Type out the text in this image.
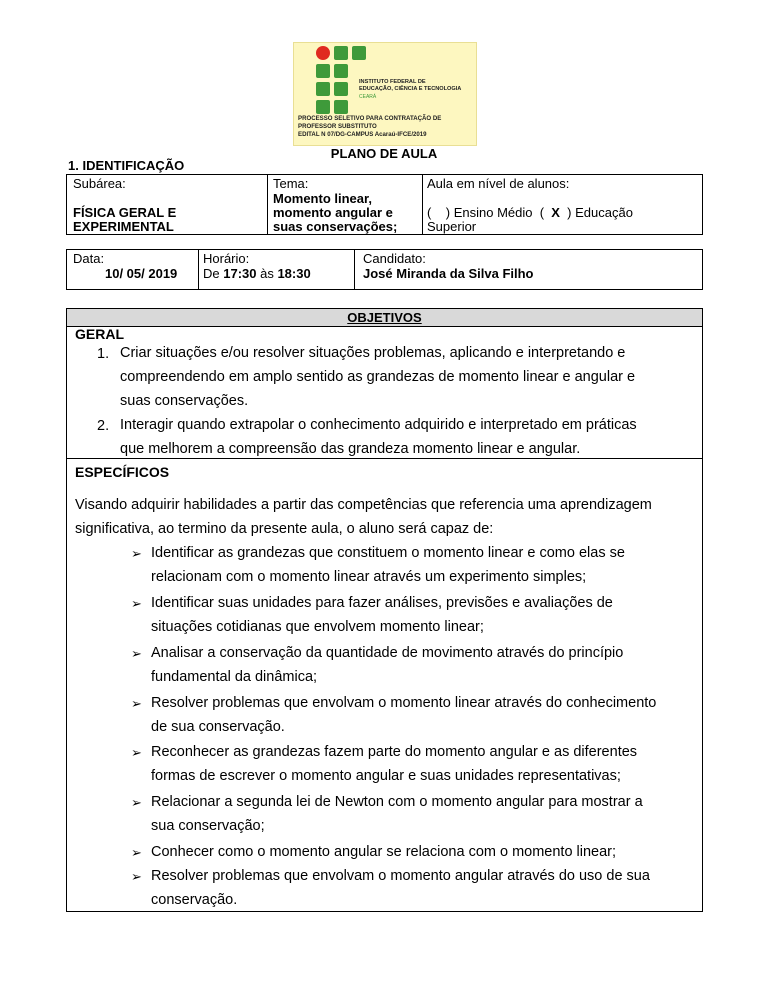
INSTITUTO FEDERAL DE
EDUCAÇÃO, CIÊNCIA E TECNOLOGIA
CEARÁ
PROCESSO SELETIVO PARA CONTRATAÇÃO DE
PROFESSOR SUBSTITUTO
EDITAL N 07/DG-CAMPUS Acaraú-IFCE/2019
PLANO DE AULA
1. IDENTIFICAÇÃO
Subárea:
FÍSICA GERAL E
EXPERIMENTAL
Tema:
Momento linear,
momento angular e
suas conservações;
Aula em nível de alunos:
(    ) Ensino Médio  (  X  ) Educação
Superior
Data:
10/ 05/ 2019
Horário:
De 17:30 às 18:30
Candidato:
José Miranda da Silva Filho
OBJETIVOS
GERAL
1. Criar situações e/ou resolver situações problemas, aplicando e interpretando e
compreendendo em amplo sentido as grandezas de momento linear e angular e
suas conservações.
2. Interagir quando extrapolar o conhecimento adquirido e interpretado em práticas
que melhorem a compreensão das grandeza momento linear e angular.
ESPECÍFICOS
Visando adquirir habilidades a partir das competências que referencia uma aprendizagem
significativa, ao termino da presente aula, o aluno será capaz de:
➢ Identificar as grandezas que constituem o momento linear e como elas se
relacionam com o momento linear através um experimento simples;
➢ Identificar suas unidades para fazer análises, previsões e avaliações de
situações cotidianas que envolvem momento linear;
➢ Analisar a conservação da quantidade de movimento através do princípio
fundamental da dinâmica;
➢ Resolver problemas que envolvam o momento linear através do conhecimento
de sua conservação.
➢ Reconhecer as grandezas fazem parte do momento angular e as diferentes
formas de escrever o momento angular e suas unidades representativas;
➢ Relacionar a segunda lei de Newton com o momento angular para mostrar a
sua conservação;
➢ Conhecer como o momento angular se relaciona com o momento linear;
➢ Resolver problemas que envolvam o momento angular através do uso de sua
conservação.
